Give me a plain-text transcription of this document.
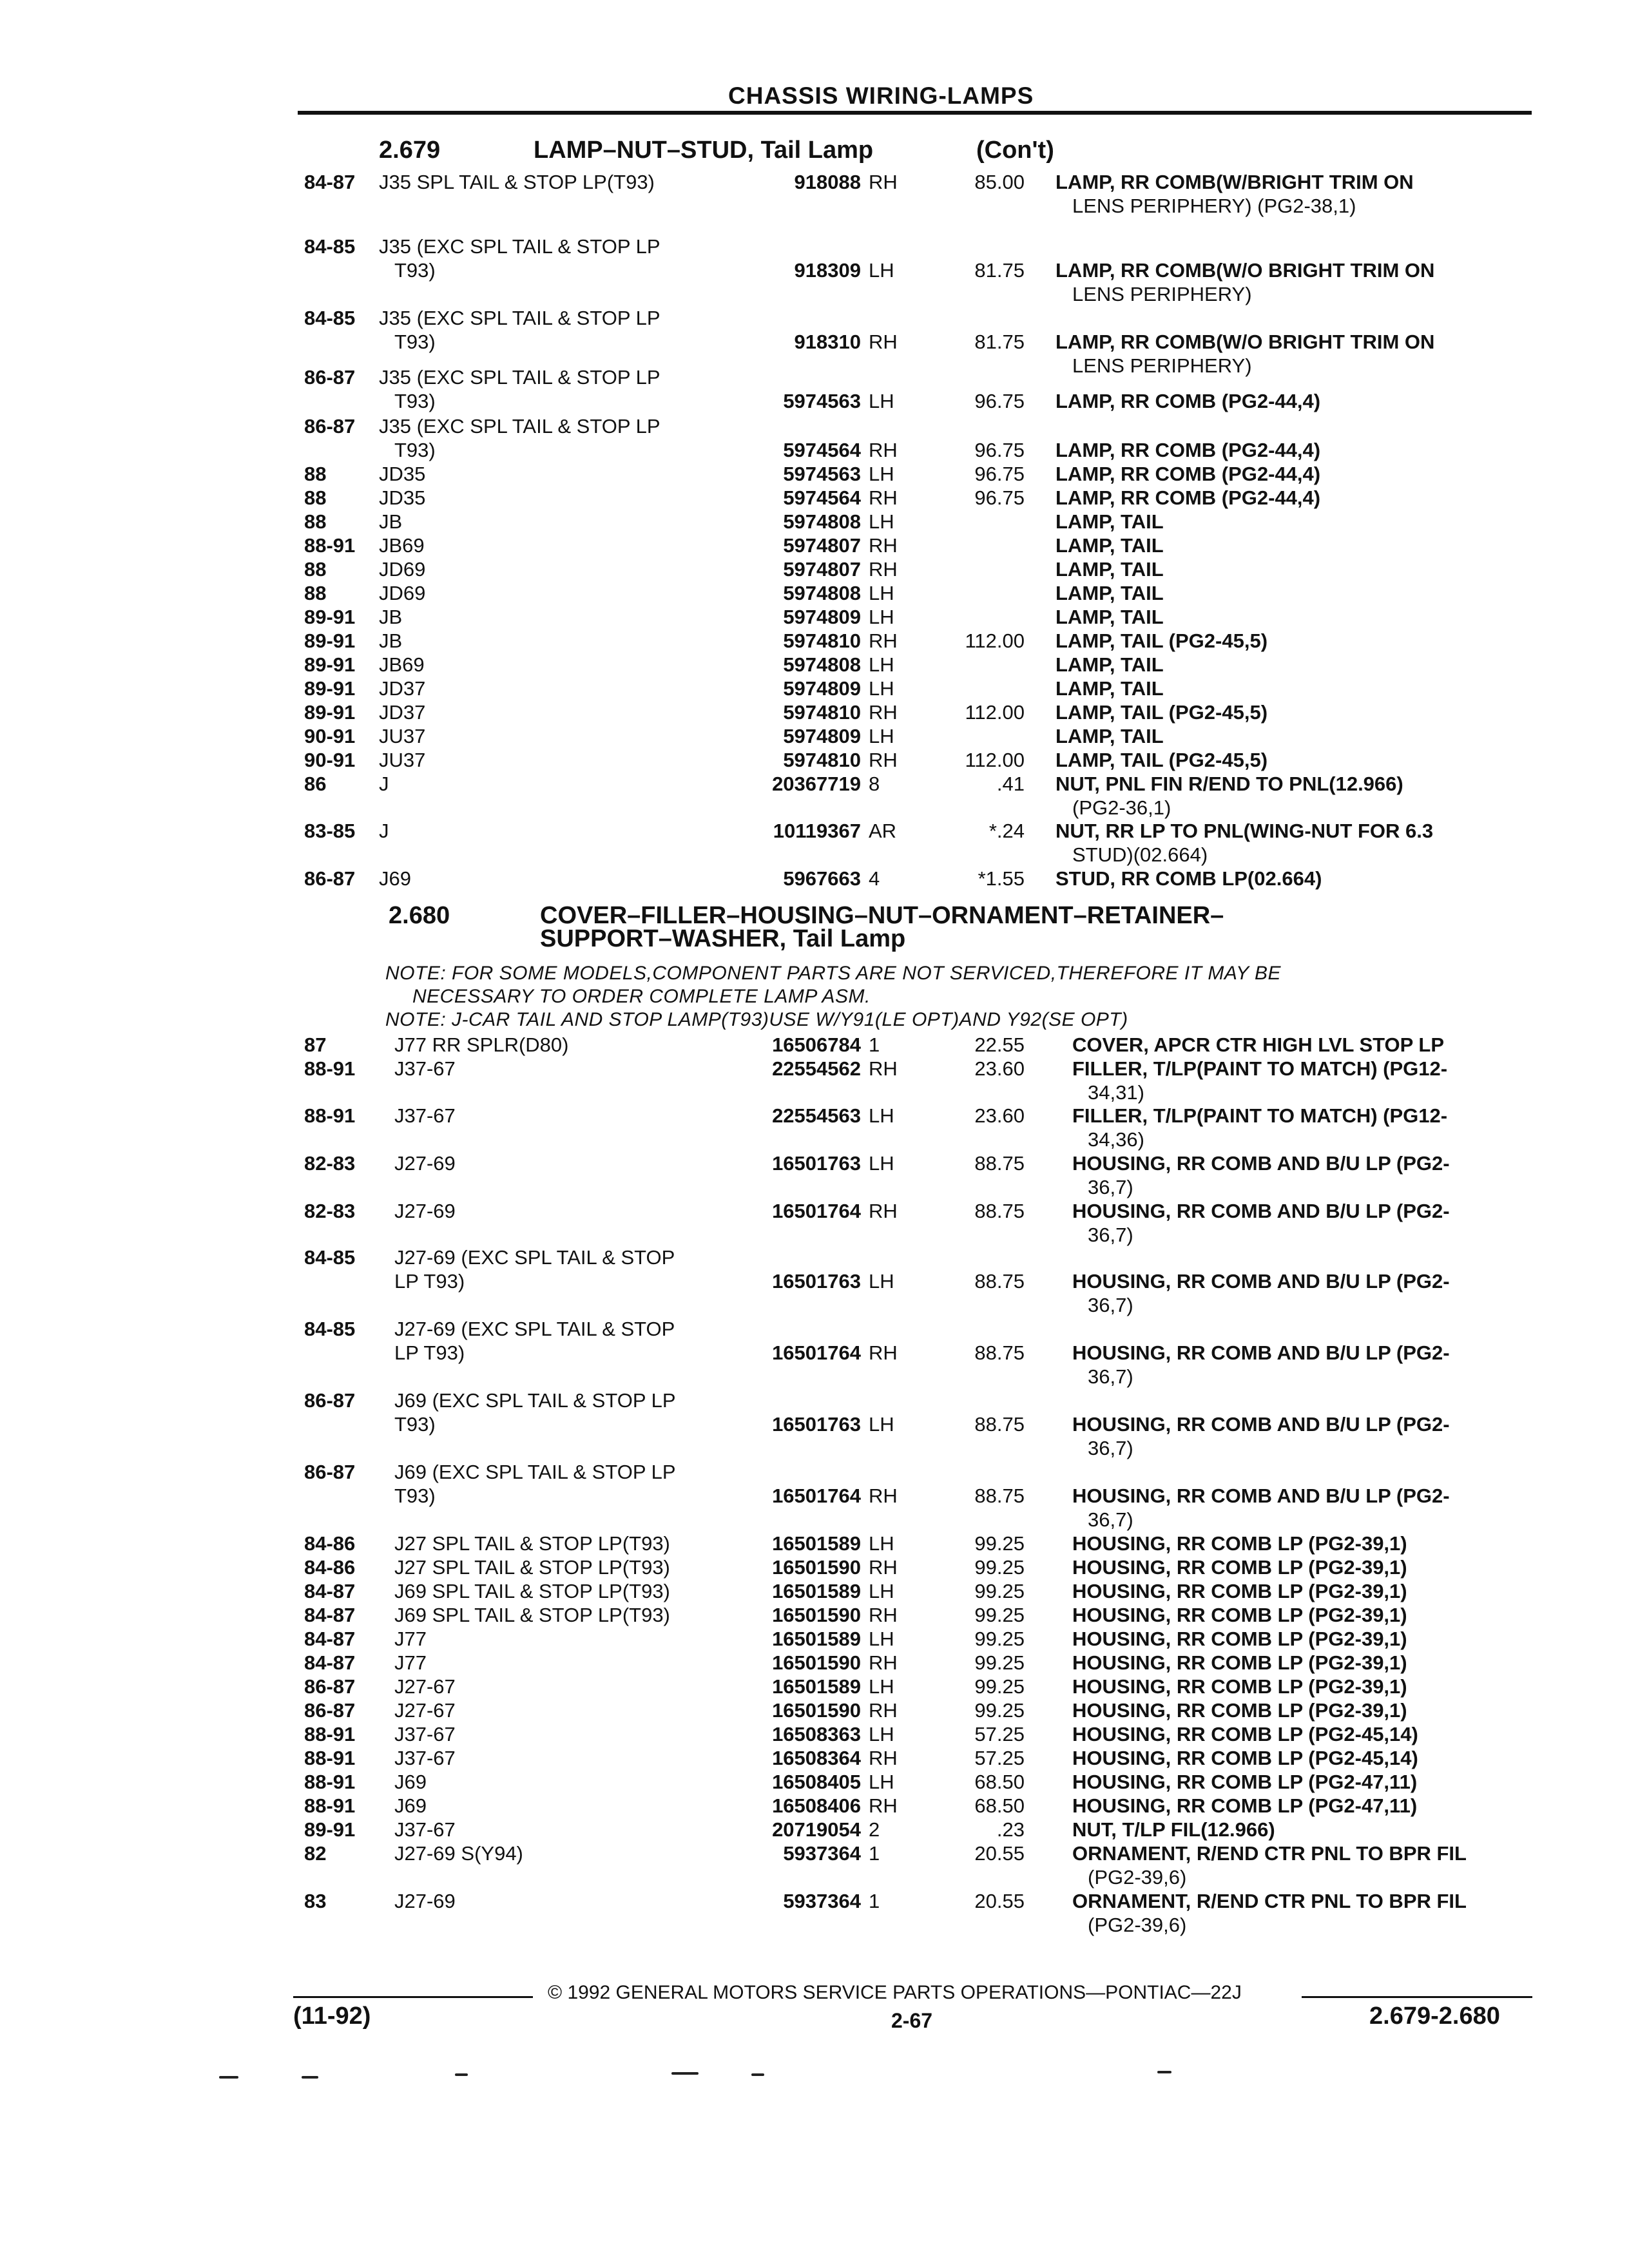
CHASSIS WIRING-LAMPS
2.679	LAMP–NUT–STUD, Tail Lamp	(Con't)
84-87 J35 SPL TAIL & STOP LP(T93)	918088 RH	85.00 LAMP, RR COMB(W/BRIGHT TRIM ON
LENS PERIPHERY) (PG2-38,1)
84-85 J35 (EXC SPL TAIL & STOP LP
T93)	918309 LH	81.75 LAMP, RR COMB(W/O BRIGHT TRIM ON
LENS PERIPHERY)
84-85 J35 (EXC SPL TAIL & STOP LP
T93)	918310 RH	81.75 LAMP, RR COMB(W/O BRIGHT TRIM ON
LENS PERIPHERY)
86-87 J35 (EXC SPL TAIL & STOP LP
T93)	5974563 LH	96.75 LAMP, RR COMB (PG2-44,4)
86-87 J35 (EXC SPL TAIL & STOP LP
T93)	5974564 RH	96.75 LAMP, RR COMB (PG2-44,4)
88	JD35	5974563 LH	96.75 LAMP, RR COMB (PG2-44,4)
88	JD35	5974564 RH	96.75 LAMP, RR COMB (PG2-44,4)
88	JB	5974808 LH	LAMP, TAIL
88-91 JB69	5974807 RH	LAMP, TAIL
88	JD69	5974807 RH	LAMP, TAIL
88	JD69	5974808 LH	LAMP, TAIL
89-91 JB	5974809 LH	LAMP, TAIL
89-91 JB	5974810 RH	112.00 LAMP, TAIL (PG2-45,5)
89-91 JB69	5974808 LH	LAMP, TAIL
89-91 JD37	5974809 LH	LAMP, TAIL
89-91 JD37	5974810 RH	112.00 LAMP, TAIL (PG2-45,5)
90-91 JU37	5974809 LH	LAMP, TAIL
90-91 JU37	5974810 RH	112.00 LAMP, TAIL (PG2-45,5)
86	J	20367719 8	.41 NUT, PNL FIN R/END TO PNL(12.966)
(PG2-36,1)
83-85 J	10119367 AR	*.24 NUT, RR LP TO PNL(WING-NUT FOR 6.3
STUD)(02.664)
86-87 J69	5967663 4	*1.55 STUD, RR COMB LP(02.664)
2.680	COVER–FILLER–HOUSING–NUT–ORNAMENT–RETAINER–
SUPPORT–WASHER, Tail Lamp
NOTE: FOR SOME MODELS,COMPONENT PARTS ARE NOT SERVICED,THEREFORE IT MAY BE
NECESSARY TO ORDER COMPLETE LAMP ASM.
NOTE: J-CAR TAIL AND STOP LAMP(T93)USE W/Y91(LE OPT)AND Y92(SE OPT)
87	J77 RR SPLR(D80)	16506784 1	22.55 COVER, APCR CTR HIGH LVL STOP LP
88-91 J37-67	22554562 RH	23.60 FILLER, T/LP(PAINT TO MATCH) (PG12-
34,31)
88-91 J37-67	22554563 LH	23.60 FILLER, T/LP(PAINT TO MATCH) (PG12-
34,36)
82-83 J27-69	16501763 LH	88.75 HOUSING, RR COMB AND B/U LP (PG2-
36,7)
82-83 J27-69	16501764 RH	88.75 HOUSING, RR COMB AND B/U LP (PG2-
36,7)
84-85 J27-69 (EXC SPL TAIL & STOP
LP T93)	16501763 LH	88.75 HOUSING, RR COMB AND B/U LP (PG2-
36,7)
84-85 J27-69 (EXC SPL TAIL & STOP
LP T93)	16501764 RH	88.75 HOUSING, RR COMB AND B/U LP (PG2-
36,7)
86-87 J69 (EXC SPL TAIL & STOP LP
T93)	16501763 LH	88.75 HOUSING, RR COMB AND B/U LP (PG2-
36,7)
86-87 J69 (EXC SPL TAIL & STOP LP
T93)	16501764 RH	88.75 HOUSING, RR COMB AND B/U LP (PG2-
36,7)
84-86 J27 SPL TAIL & STOP LP(T93)	16501589 LH	99.25 HOUSING, RR COMB LP (PG2-39,1)
84-86 J27 SPL TAIL & STOP LP(T93)	16501590 RH	99.25 HOUSING, RR COMB LP (PG2-39,1)
84-87 J69 SPL TAIL & STOP LP(T93)	16501589 LH	99.25 HOUSING, RR COMB LP (PG2-39,1)
84-87 J69 SPL TAIL & STOP LP(T93)	16501590 RH	99.25 HOUSING, RR COMB LP (PG2-39,1)
84-87 J77	16501589 LH	99.25 HOUSING, RR COMB LP (PG2-39,1)
84-87 J77	16501590 RH	99.25 HOUSING, RR COMB LP (PG2-39,1)
86-87 J27-67	16501589 LH	99.25 HOUSING, RR COMB LP (PG2-39,1)
86-87 J27-67	16501590 RH	99.25 HOUSING, RR COMB LP (PG2-39,1)
88-91 J37-67	16508363 LH	57.25 HOUSING, RR COMB LP (PG2-45,14)
88-91 J37-67	16508364 RH	57.25 HOUSING, RR COMB LP (PG2-45,14)
88-91 J69	16508405 LH	68.50 HOUSING, RR COMB LP (PG2-47,11)
88-91 J69	16508406 RH	68.50 HOUSING, RR COMB LP (PG2-47,11)
89-91 J37-67	20719054 2	.23 NUT, T/LP FIL(12.966)
82	J27-69 S(Y94)	5937364 1	20.55 ORNAMENT, R/END CTR PNL TO BPR FIL
(PG2-39,6)
83	J27-69	5937364 1	20.55 ORNAMENT, R/END CTR PNL TO BPR FIL
(PG2-39,6)
© 1992 GENERAL MOTORS SERVICE PARTS OPERATIONS—PONTIAC—22J
(11-92)	2-67	2.679-2.680
